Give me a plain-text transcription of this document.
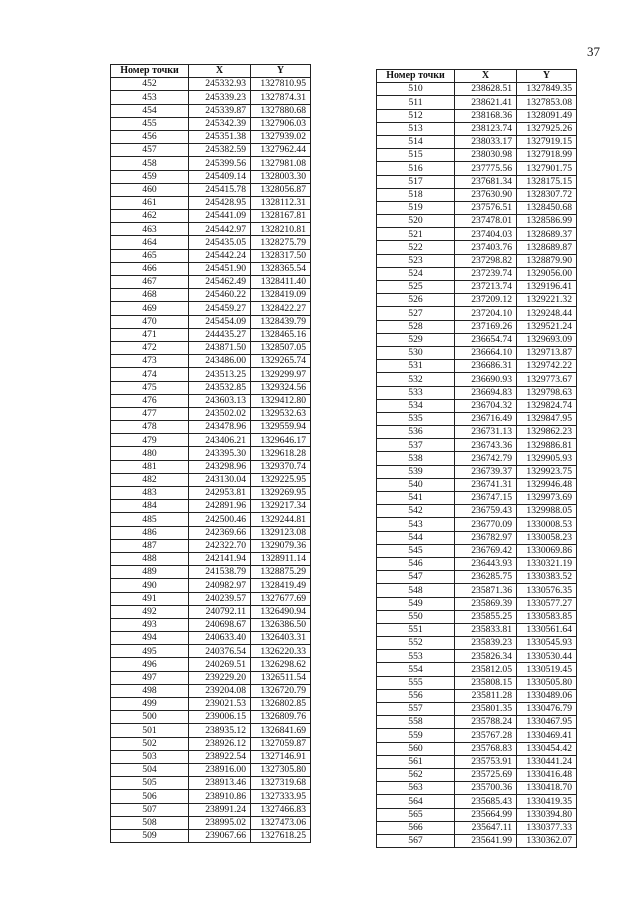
37
Номер точки	X	Y
452	245332.93	1327810.95
453	245339.23	1327874.31
454	245339.87	1327880.68
455	245342.39	1327906.03
456	245351.38	1327939.02
457	245382.59	1327962.44
458	245399.56	1327981.08
459	245409.14	1328003.30
460	245415.78	1328056.87
461	245428.95	1328112.31
462	245441.09	1328167.81
463	245442.97	1328210.81
464	245435.05	1328275.79
465	245442.24	1328317.50
466	245451.90	1328365.54
467	245462.49	1328411.40
468	245460.22	1328419.09
469	245459.27	1328422.27
470	245454.09	1328439.79
471	244435.27	1328465.16
472	243871.50	1328507.05
473	243486.00	1329265.74
474	243513.25	1329299.97
475	243532.85	1329324.56
476	243603.13	1329412.80
477	243502.02	1329532.63
478	243478.96	1329559.94
479	243406.21	1329646.17
480	243395.30	1329618.28
481	243298.96	1329370.74
482	243130.04	1329225.95
483	242953.81	1329269.95
484	242891.96	1329217.34
485	242500.46	1329244.81
486	242369.66	1329123.08
487	242322.70	1329079.36
488	242141.94	1328911.14
489	241538.79	1328875.29
490	240982.97	1328419.49
491	240239.57	1327677.69
492	240792.11	1326490.94
493	240698.67	1326386.50
494	240633.40	1326403.31
495	240376.54	1326220.33
496	240269.51	1326298.62
497	239229.20	1326511.54
498	239204.08	1326720.79
499	239021.53	1326802.85
500	239006.15	1326809.76
501	238935.12	1326841.69
502	238926.12	1327059.87
503	238922.54	1327146.91
504	238916.00	1327305.80
505	238913.46	1327319.68
506	238910.86	1327333.95
507	238991.24	1327466.83
508	238995.02	1327473.06
509	239067.66	1327618.25
Номер точки	X	Y
510	238628.51	1327849.35
511	238621.41	1327853.08
512	238168.36	1328091.49
513	238123.74	1327925.26
514	238033.17	1327919.15
515	238030.98	1327918.99
516	237775.56	1327901.75
517	237681.34	1328175.15
518	237630.90	1328307.72
519	237576.51	1328450.68
520	237478.01	1328586.99
521	237404.03	1328689.37
522	237403.76	1328689.87
523	237298.82	1328879.90
524	237239.74	1329056.00
525	237213.74	1329196.41
526	237209.12	1329221.32
527	237204.10	1329248.44
528	237169.26	1329521.24
529	236654.74	1329693.09
530	236664.10	1329713.87
531	236686.31	1329742.22
532	236690.93	1329773.67
533	236694.83	1329798.63
534	236704.32	1329824.74
535	236716.49	1329847.95
536	236731.13	1329862.23
537	236743.36	1329886.81
538	236742.79	1329905.93
539	236739.37	1329923.75
540	236741.31	1329946.48
541	236747.15	1329973.69
542	236759.43	1329988.05
543	236770.09	1330008.53
544	236782.97	1330058.23
545	236769.42	1330069.86
546	236443.93	1330321.19
547	236285.75	1330383.52
548	235871.36	1330576.35
549	235869.39	1330577.27
550	235855.25	1330583.85
551	235833.81	1330561.64
552	235839.23	1330545.93
553	235826.34	1330530.44
554	235812.05	1330519.45
555	235808.15	1330505.80
556	235811.28	1330489.06
557	235801.35	1330476.79
558	235788.24	1330467.95
559	235767.28	1330469.41
560	235768.83	1330454.42
561	235753.91	1330441.24
562	235725.69	1330416.48
563	235700.36	1330418.70
564	235685.43	1330419.35
565	235664.99	1330394.80
566	235647.11	1330377.33
567	235641.99	1330362.07
